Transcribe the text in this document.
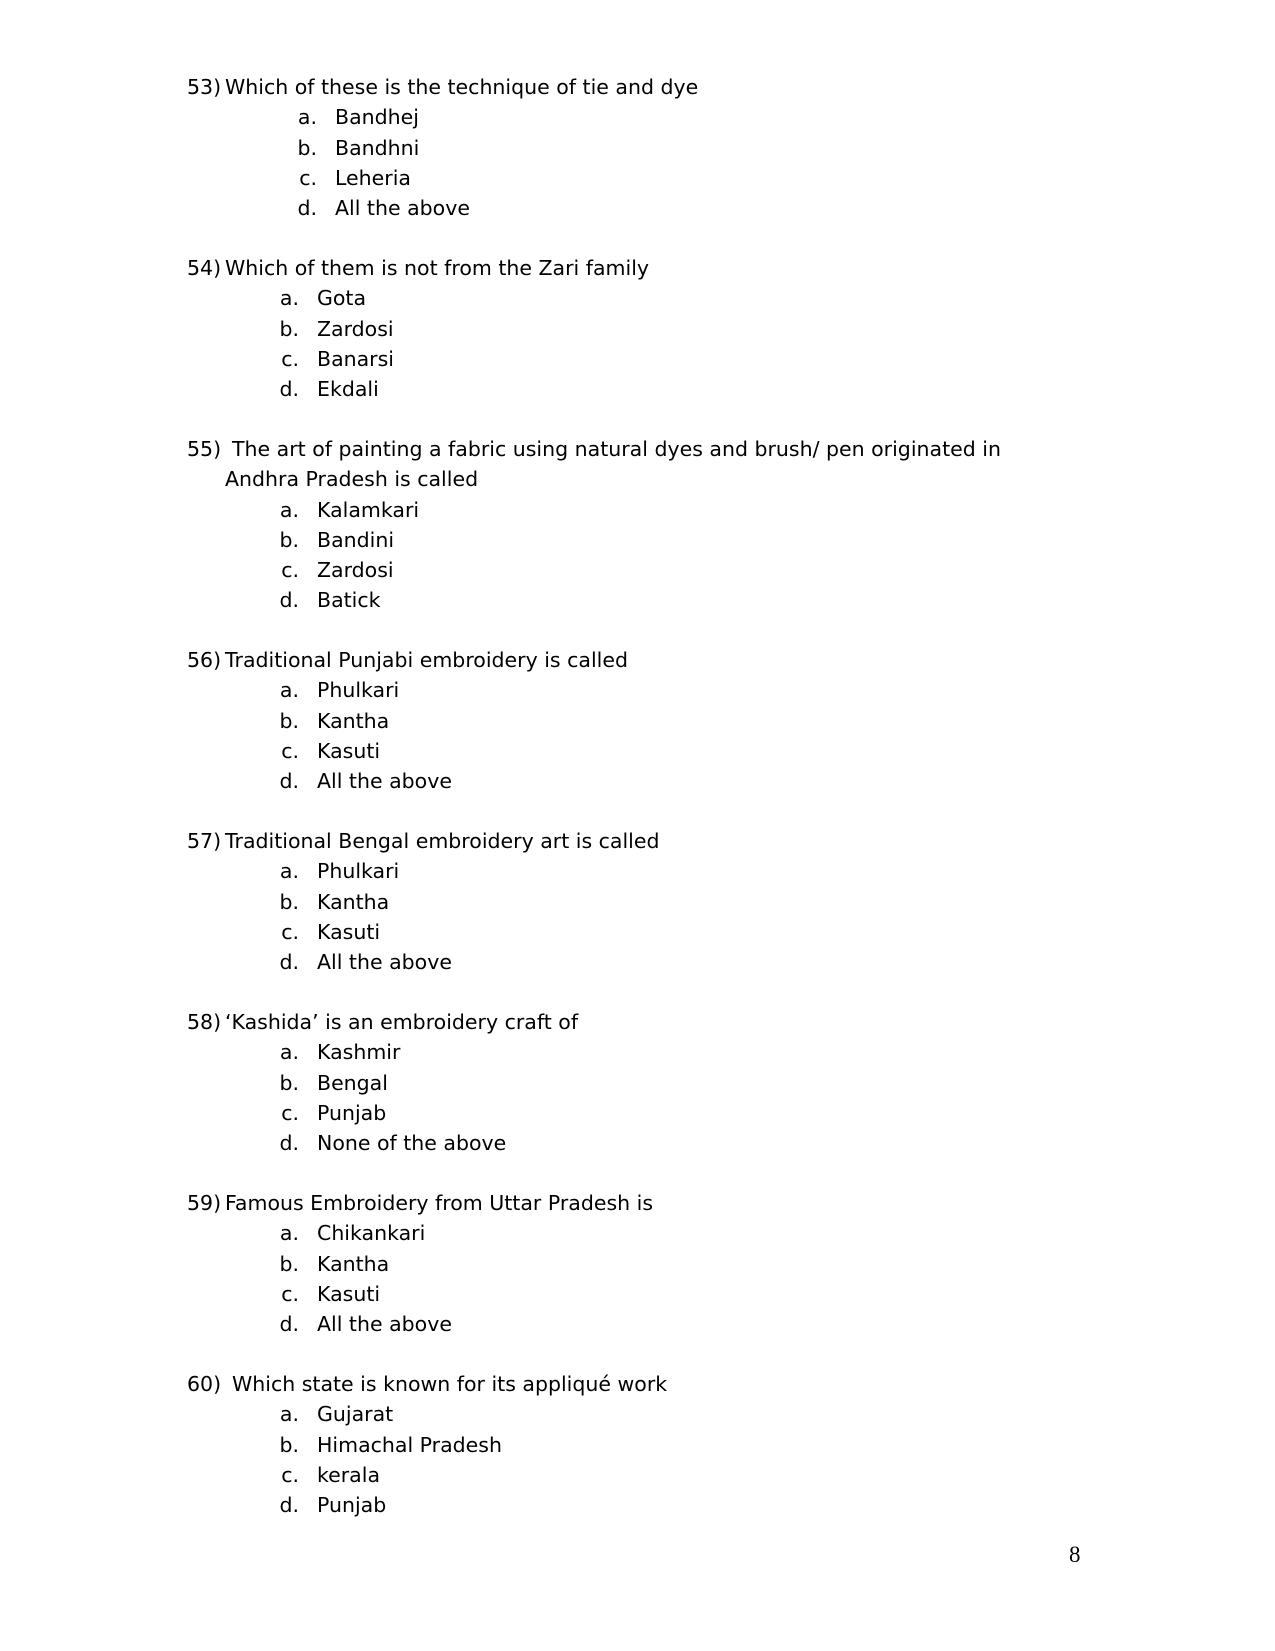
53) Which of these is the technique of tie and dye
a. Bandhej
b. Bandhni
c. Leheria
d. All the above
54) Which of them is not from the Zari family
a. Gota
b. Zardosi
c. Banarsi
d. Ekdali
55) The art of painting a fabric using natural dyes and brush/ pen originated in
Andhra Pradesh is called
a. Kalamkari
b. Bandini
c. Zardosi
d. Batick
56) Traditional Punjabi embroidery is called
a. Phulkari
b. Kantha
c. Kasuti
d. All the above
57) Traditional Bengal embroidery art is called
a. Phulkari
b. Kantha
c. Kasuti
d. All the above
58) ‘Kashida’ is an embroidery craft of
a. Kashmir
b. Bengal
c. Punjab
d. None of the above
59) Famous Embroidery from Uttar Pradesh is
a. Chikankari
b. Kantha
c. Kasuti
d. All the above
60) Which state is known for its appliqué work
a. Gujarat
b. Himachal Pradesh
c. kerala
d. Punjab
8
